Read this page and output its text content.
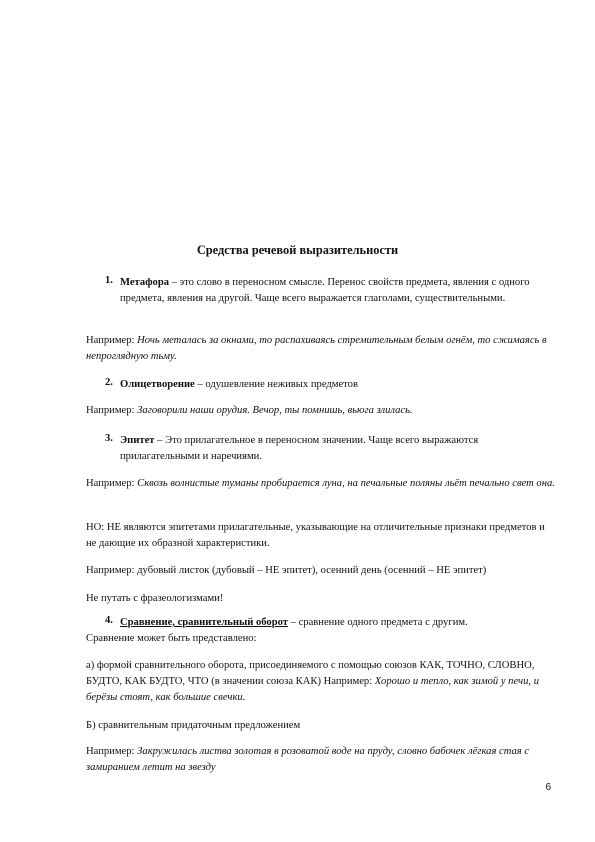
Средства речевой выразительности
1. Метафора – это слово в переносном смысле. Перенос свойств предмета, явления с одного предмета, явления на другой. Чаще всего выражается глаголами, существительными.
Например: Ночь металась за окнами, то распахиваясь стремительным белым огнём, то сжимаясь в непроглядную тьму.
2. Олицетворение – одушевление неживых предметов
Например: Заговорили наши орудия. Вечор, ты помнишь, вьюга злилась.
3. Эпитет – Это прилагательное в переносном значении. Чаще всего выражаются прилагательными и наречиями.
Например: Сквозь волнистые туманы пробирается луна, на печальные поляны льёт печально свет она.
НО: НЕ являются эпитетами прилагательные, указывающие на отличительные признаки предметов и не дающие их образной характеристики.
Например: дубовый листок (дубовый – НЕ эпитет), осенний день (осенний – НЕ эпитет)
Не путать с фразеологизмами!
4. Сравнение, сравнительный оборот – сравнение одного предмета с другим.
Сравнение может быть представлено:
а) формой сравнительного оборота, присоединяемого с помощью союзов КАК, ТОЧНО, СЛОВНО, БУДТО, КАК БУДТО, ЧТО (в значении союза КАК) Например: Хорошо и тепло, как зимой у печи, и берёзы стоят, как большие свечки.
Б) сравнительным придаточным предложением
Например: Закружилась листва золотая в розоватой воде на пруду, словно бабочек лёгкая стая с замиранием летит на звезду
6
